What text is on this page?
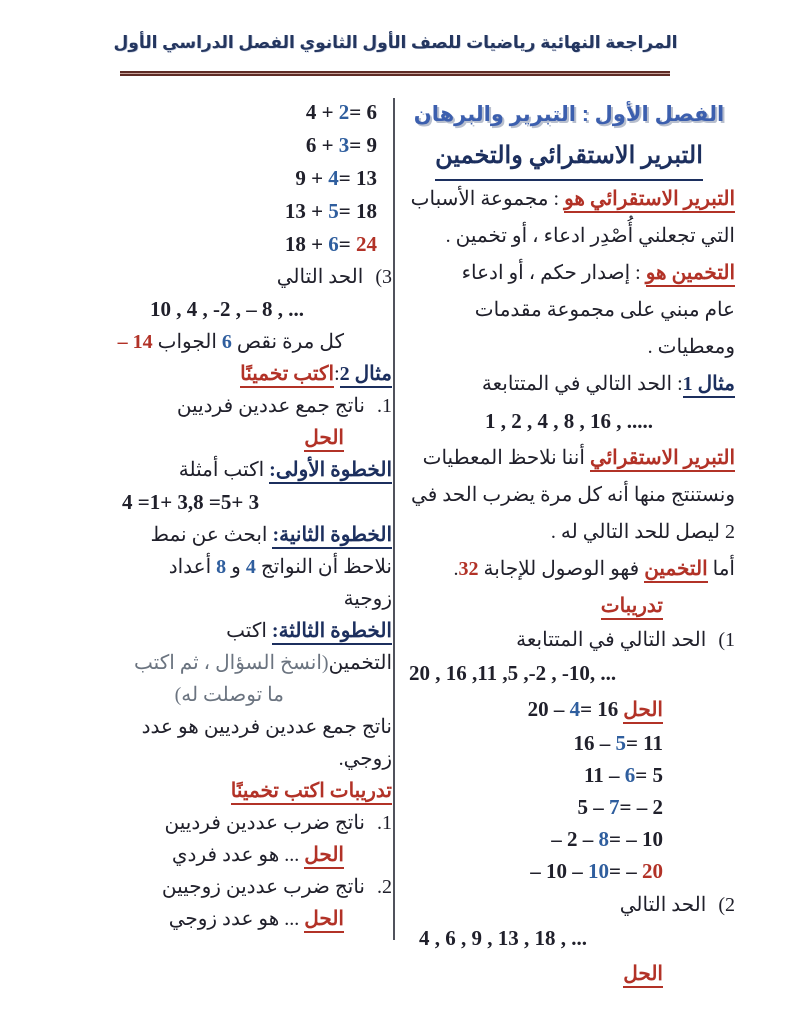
المراجعة النهائية رياضيات للصف الأول الثانوي الفصل الدراسي الأول
الفصل الأول : التبرير والبرهان
التبرير الاستقرائي والتخمين

التبرير الاستقرائي هو : مجموعة الأسباب

التي تجعلني أُصْدِر ادعاء ، أو تخمين .

التخمين هو : إصدار حكم ، أو ادعاء

عام مبني على مجموعة مقدمات ومعطيات .

مثال 1: الحد التالي في المتتابعة

1 , 2 , 4 , 8 , 16 , .....

التبرير الاستقرائي أننا نلاحظ المعطيات

ونستنتج منها أنه كل مرة يضرب الحد في

2 ليصل للحد التالي له .

أما التخمين فهو الوصول للإجابة 32.

تدريبات

1)الحد التالي في المتتابعة

20 , 16 ,11 ,5 ,-2 , -10, ...

الحل 20 – 4= 16

16 – 5= 11

11 – 6= 5

5 – 7= – 2

– 2 – 8= – 10

– 10 – 10= – 20

2)الحد التالي

4 , 6 , 9 , 13 , 18 , ...

الحل

4 + 2= 6

6 + 3= 9

9 + 4= 13

13 + 5= 18

18 + 6= 24

3)الحد التالي

10 , 4 , -2 , – 8 , ...

كل مرة نقص 6 الجواب – 14

مثال 2:اكتب تخمينًا

1.ناتج جمع عددين فرديين

الحل

الخطوة الأولى: اكتب أمثلة

4 =1+ 3,8 =5+ 3

الخطوة الثانية: ابحث عن نمط

نلاحظ أن النواتج 4 و 8 أعداد

زوجية

الخطوة الثالثة: اكتب

التخمين(انسخ السؤال ، ثم اكتب

ما توصلت له)

ناتج جمع عددين فرديين هو عدد

زوجي.

تدريبات اكتب تخمينًا

1.ناتج ضرب عددين فرديين

الحل ... هو عدد فردي

2.ناتج ضرب عددين زوجيين

الحل ... هو عدد زوجي
